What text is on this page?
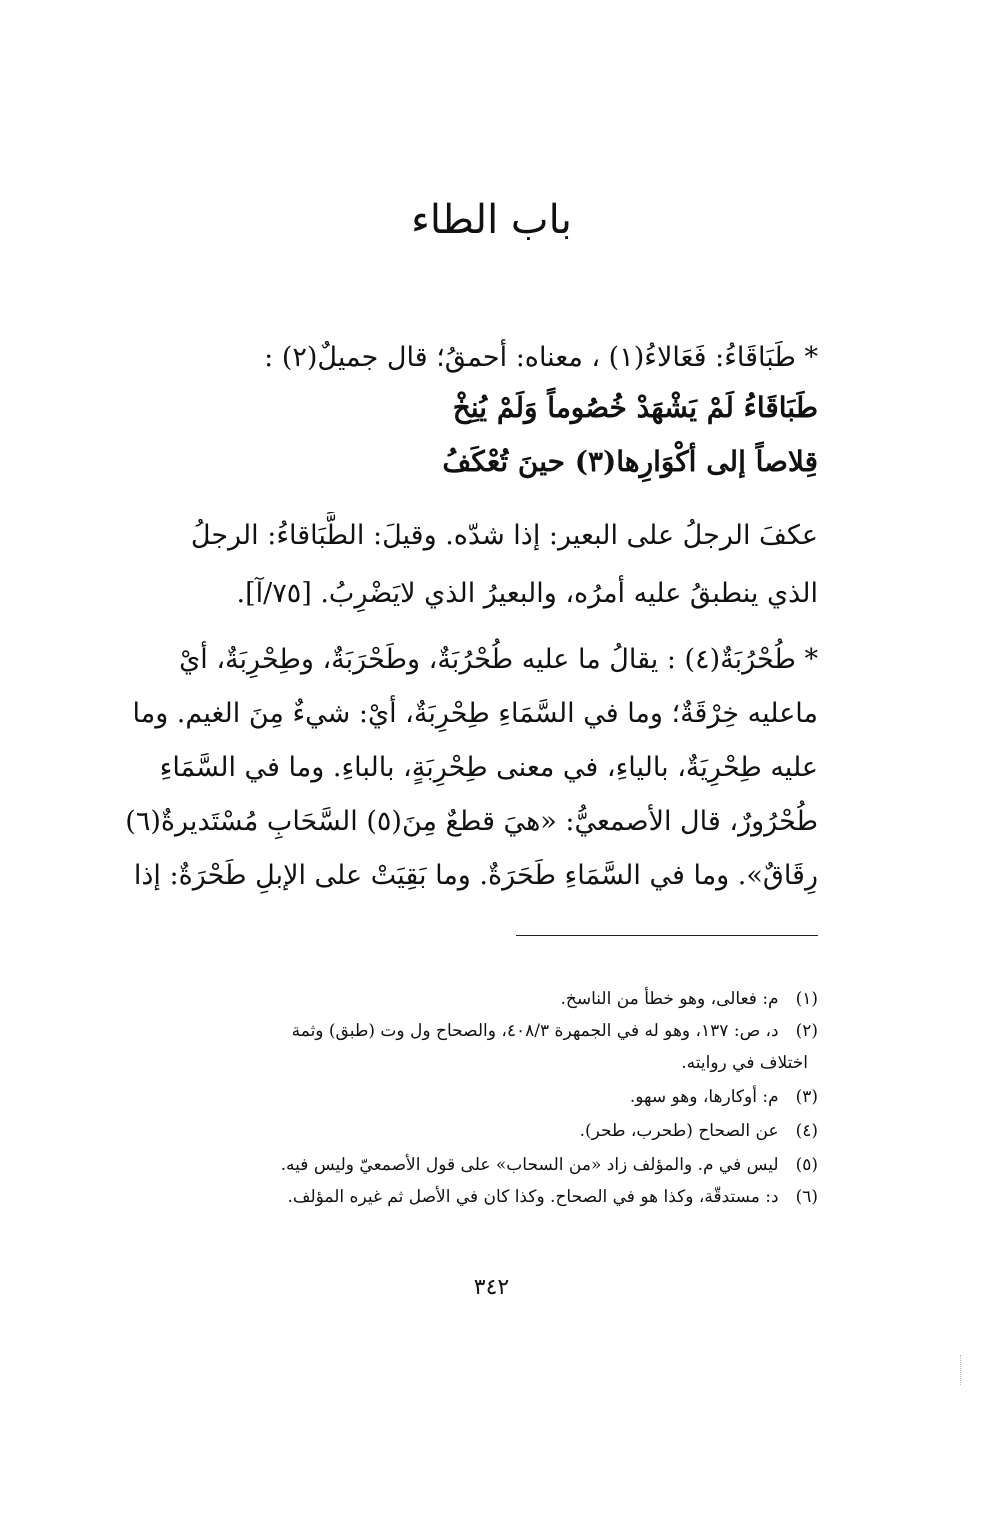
باب الطاء
* طَبَاقَاءُ: فَعَالاءُ(١) ، معناه: أحمقُ؛ قال جميلٌ(٢) :
طَبَاقَاءُ لَمْ يَشْهَدْ خُصُوماً وَلَمْ يُنِخْ
قِلاصاً إلى أكْوَارِها(٣) حينَ تُعْكَفُ
عكفَ الرجلُ على البعير: إذا شدّه. وقيلَ: الطَّبَاقاءُ: الرجلُ
الذي ينطبقُ عليه أمرُه، والبعيرُ الذي لايَضْرِبُ. [٧٥/آ].
* طُحْرُبَةٌ(٤) : يقالُ ما عليه طُحْرُبَةٌ، وطَحْرَبَةٌ، وطِحْرِبَةٌ، أيْ
ماعليه خِرْقَةٌ؛ وما في السَّمَاءِ طِحْرِبَةٌ، أيْ: شيءٌ مِنَ الغيم. وما
عليه طِحْرِيَةٌ، بالياءِ، في معنى طِحْرِبَةٍ، بالباءِ. وما في السَّمَاءِ
طُحْرُورٌ، قال الأصمعيُّ: «هيَ قطعٌ مِنَ(٥) السَّحَابِ مُسْتَديرةٌ(٦)
رِقَاقٌ». وما في السَّمَاءِ طَحَرَةٌ. وما بَقِيَتْ على الإبلِ طَحْرَةٌ: إذا
(١) م: فعالى، وهو خطأ من الناسخ.
(٢) د، ص: ١٣٧، وهو له في الجمهرة ٤٠٨/٣، والصحاح ول وت (طبق) وثمة
اختلاف في روايته.
(٣) م: أوكارها، وهو سهو.
(٤) عن الصحاح (طحرب، طحر).
(٥) ليس في م. والمؤلف زاد «من السحاب» على قول الأصمعيّ وليس فيه.
(٦) د: مستدقّة، وكذا هو في الصحاح. وكذا كان في الأصل ثم غيره المؤلف.
٣٤٢
